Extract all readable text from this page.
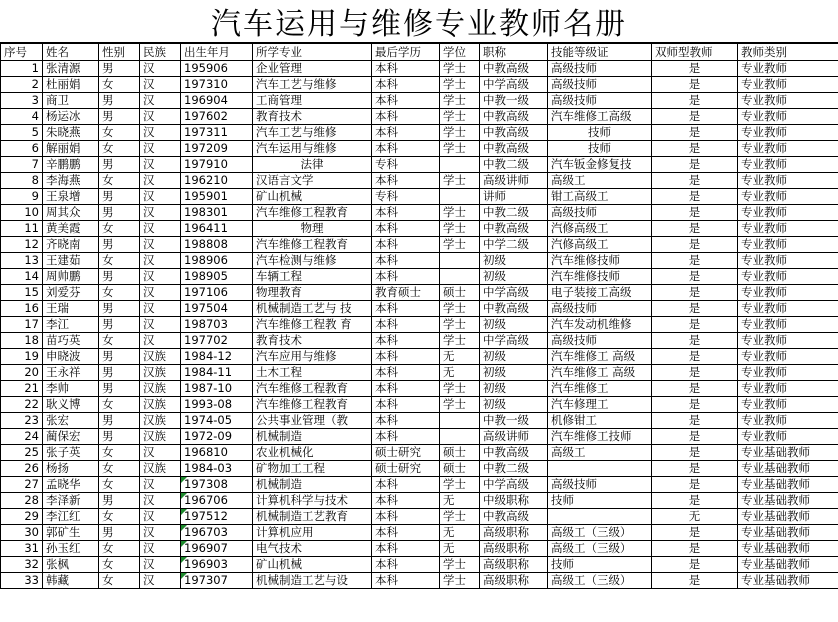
汽车运用与维修专业教师名册
序号	姓名	性别	民族	出生年月	所学专业	最后学历	学位	职称	技能等级证	双师型教师	教师类别
1	张清源	男	汉	195906	企业管理	本科	学士	中教高级	高级技师	是	专业教师
2	杜丽娟	女	汉	197310	汽车工艺与维修	本科	学士	中学高级	高级技师	是	专业教师
3	商卫	男	汉	196904	工商管理	本科	学士	中教一级	高级技师	是	专业教师
4	杨运冰	男	汉	197602	教育技术	本科	学士	中教高级	汽车维修工高级	是	专业教师
5	朱晓燕	女	汉	197311	汽车工艺与维修	本科	学士	中教高级	技师	是	专业教师
6	解丽娟	女	汉	197209	汽车运用与维修	本科	学士	中教高级	技师	是	专业教师
7	辛鹏鹏	男	汉	197910	法律	专科		中教二级	汽车钣金修复技	是	专业教师
8	李海燕	女	汉	196210	汉语言文学	本科	学士	高级讲师	高级工	是	专业教师
9	王泉增	男	汉	195901	矿山机械	专科		讲师	钳工高级工	是	专业教师
10	周其众	男	汉	198301	汽车维修工程教育	本科	学士	中教二级	高级技师	是	专业教师
11	黄美霞	女	汉	196411	物理	本科	学士	中教高级	汽修高级工	是	专业教师
12	齐晓南	男	汉	198808	汽车维修工程教育	本科	学士	中学二级	汽修高级工	是	专业教师
13	王建茹	女	汉	198906	汽车检测与维修	本科		初级	汽车维修技师	是	专业教师
14	周帅鹏	男	汉	198905	车辆工程	本科		初级	汽车维修技师	是	专业教师
15	刘爱芬	女	汉	197106	物理教育	教育硕士	硕士	中学高级	电子装接工高级	是	专业教师
16	王瑞	男	汉	197504	机械制造工艺与 技	本科	学士	中教高级	高级技师	是	专业教师
17	李江	男	汉	198703	汽车维修工程教 育	本科	学士	初级	汽车发动机维修	是	专业教师
18	苗巧英	女	汉	197702	教育技术	本科	学士	中学高级	高级技师	是	专业教师
19	申晓波	男	汉族	1984-12	汽车应用与维修	本科	无	初级	汽车维修工 高级	是	专业教师
20	王永祥	男	汉族	1984-11	土木工程	本科	无	初级	汽车维修工 高级	是	专业教师
21	李帅	男	汉族	1987-10	汽车维修工程教育	本科	学士	初级	汽车维修工	是	专业教师
22	耿义博	女	汉族	1993-08	汽车维修工程教育	本科	学士	初级	汽车修理工	是	专业教师
23	张宏	男	汉族	1974-05	公共事业管理（教	本科		中教一级	机修钳工	是	专业教师
24	蔺保宏	男	汉族	1972-09	机械制造	本科		高级讲师	汽车维修工技师	是	专业教师
25	张子英	女	汉	196810	农业机械化	硕士研究	硕士	中教高级	高级工	是	专业基础教师
26	杨扬	女	汉族	1984-03	矿物加工工程	硕士研究	硕士	中教二级		是	专业基础教师
27	孟晓华	女	汉	197308	机械制造	本科	学士	中学高级	高级技师	是	专业基础教师
28	李泽新	男	汉	196706	计算机科学与技术	本科	无	中级职称	技师	是	专业基础教师
29	李江红	女	汉	197512	机械制造工艺教育	本科	学士	中教高级		无	专业基础教师
30	郭矿生	男	汉	196703	计算机应用	本科	无	高级职称	高级工（三级）	是	专业基础教师
31	孙玉红	女	汉	196907	电气技术	本科	无	高级职称	高级工（三级）	是	专业基础教师
32	张枫	女	汉	196903	矿山机械	本科	学士	高级职称	技师	是	专业基础教师
33	韩藏	女	汉	197307	机械制造工艺与设	本科	学士	高级职称	高级工（三级）	是	专业基础教师
